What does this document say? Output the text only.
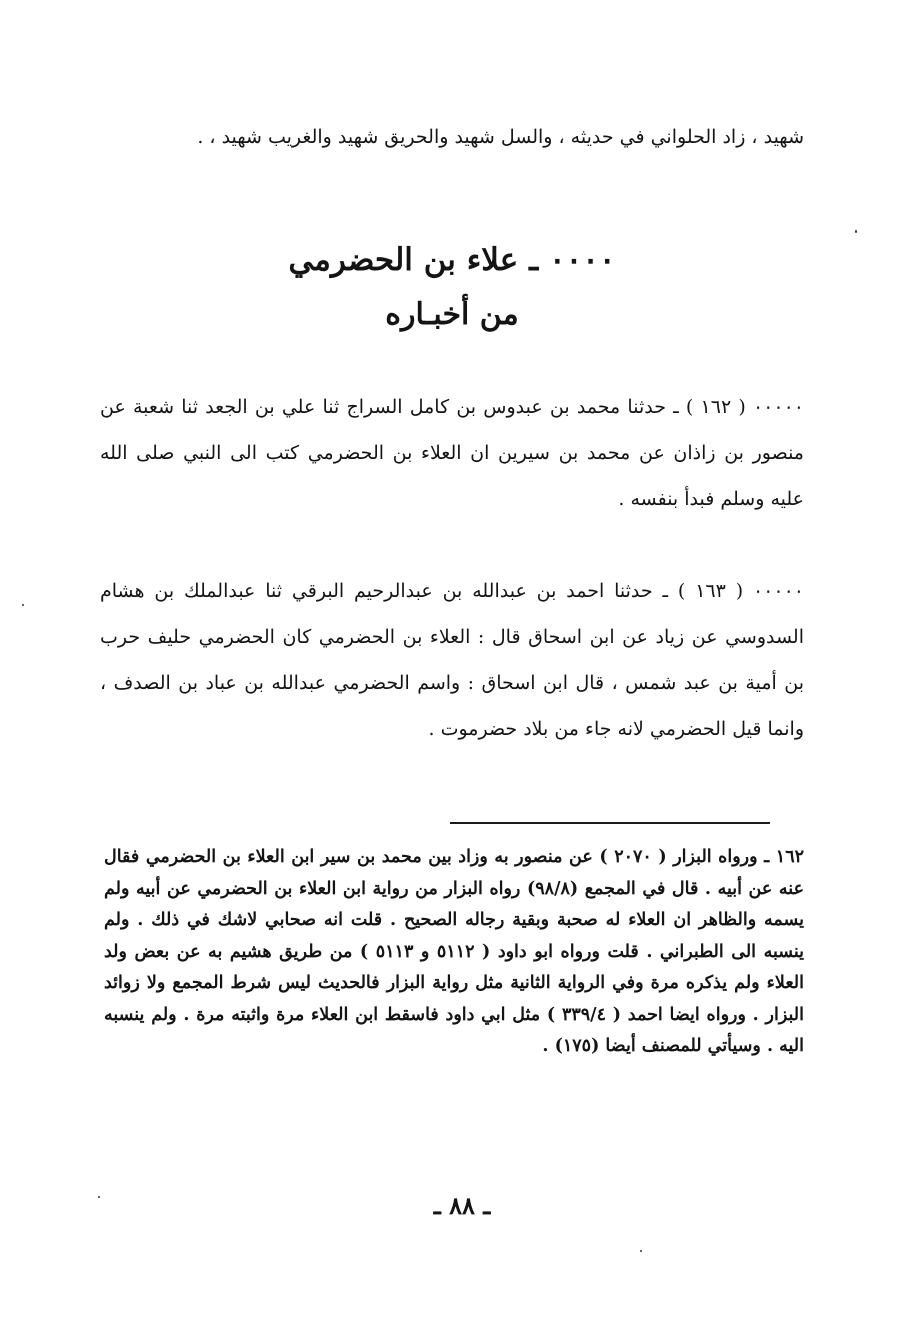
شهيد ، زاد الحلواني في حديثه ، والسل شهيد والحريق شهيد والغريب شهيد ، .

٠٠٠٠ ـ علاء بن الحضرمي
من أخبـاره

٠٠٠٠٠ ( ١٦٢ ) ـ حدثنا محمد بن عبدوس بن كامل السراج ثنا علي بن الجعد ثنا شعبة عن منصور بن زاذان عن محمد بن سيرين ان العلاء بن الحضرمي كتب الى النبي صلى الله عليه وسلم فبدأ بنفسه .

٠٠٠٠٠ ( ١٦٣ ) ـ حدثنا احمد بن عبدالله بن عبدالرحيم البرقي ثنا عبدالملك بن هشام السدوسي عن زياد عن ابن اسحاق قال : العلاء بن الحضرمي كان الحضرمي حليف حرب بن أمية بن عبد شمس ، قال ابن اسحاق : واسم الحضرمي عبدالله بن عباد بن الصدف ، وانما قيل الحضرمي لانه جاء من بلاد حضرموت .

١٦٢ ـ ورواه البزار ( ٢٠٧٠ ) عن منصور به وزاد بين محمد بن سير ابن العلاء بن الحضرمي فقال عنه عن أبيه . قال في المجمع (٩٨/٨) رواه البزار من رواية ابن العلاء بن الحضرمي عن أبيه ولم يسمه والظاهر ان العلاء له صحبة وبقية رجاله الصحيح . قلت انه صحابي لاشك في ذلك . ولم ينسبه الى الطبراني . قلت ورواه ابو داود ( ٥١١٢ و ٥١١٣ ) من طريق هشيم به عن بعض ولد العلاء ولم يذكره مرة وفي الرواية الثانية مثل رواية البزار فالحديث ليس شرط المجمع ولا زوائد البزار . ورواه ايضا احمد ( ٣٣٩/٤ ) مثل ابي داود فاسقط ابن العلاء مرة واثبته مرة . ولم ينسبه اليه . وسيأتي للمصنف أيضا (١٧٥) .

ـ ٨٨ ـ
